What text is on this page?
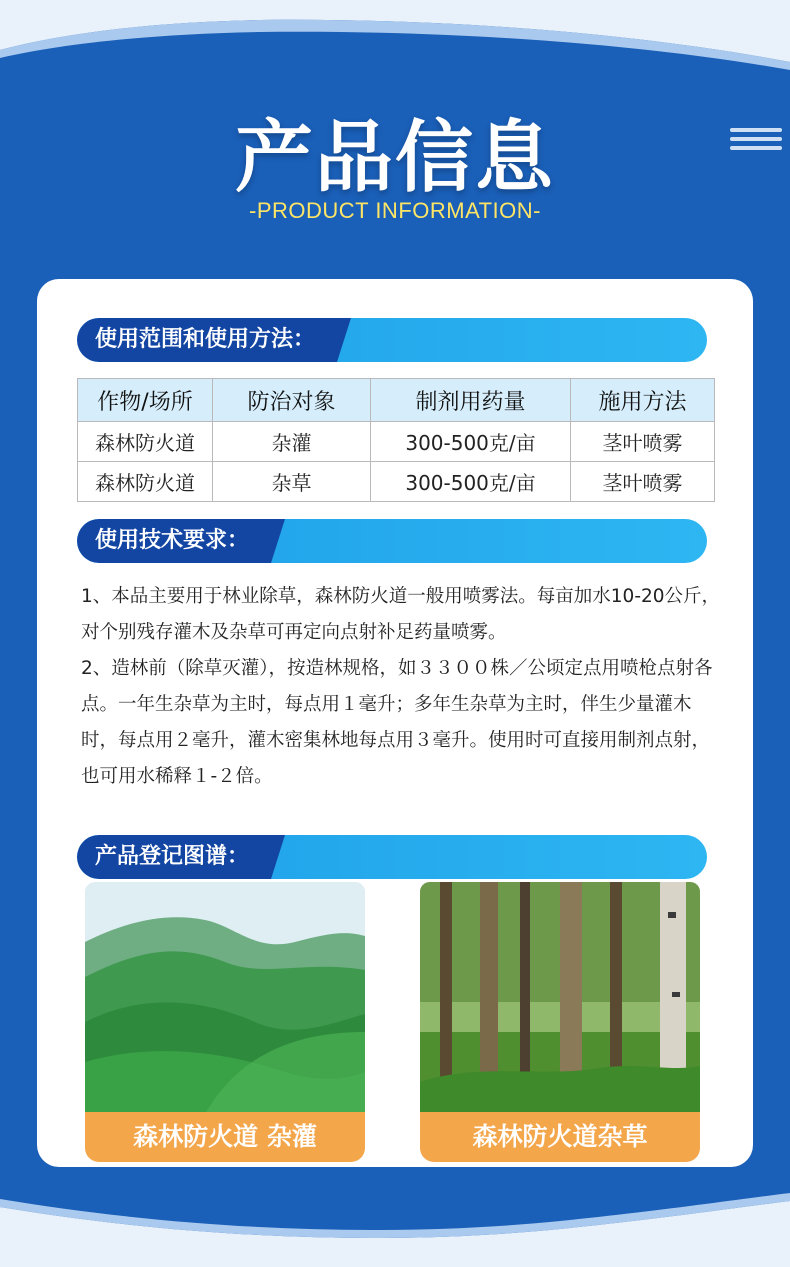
产品信息
-PRODUCT INFORMATION-
使用范围和使用方法：
作物/场所	防治对象	制剂用药量	施用方法
森林防火道	杂灌	300-500克/亩	茎叶喷雾
森林防火道	杂草	300-500克/亩	茎叶喷雾
使用技术要求：

1、本品主要用于林业除草，森林防火道一般用喷雾法。每亩加水10-20公斤，对个别残存灌木及杂草可再定向点射补足药量喷雾。

2、造林前（除草灭灌），按造林规格，如３３００株／公顷定点用喷枪点射各点。一年生杂草为主时，每点用１毫升；多年生杂草为主时，伴生少量灌木时，每点用２毫升，灌木密集林地每点用３毫升。使用时可直接用制剂点射，也可用水稀释１-２倍。

产品登记图谱：
森林防火道 杂灌	森林防火道杂草
